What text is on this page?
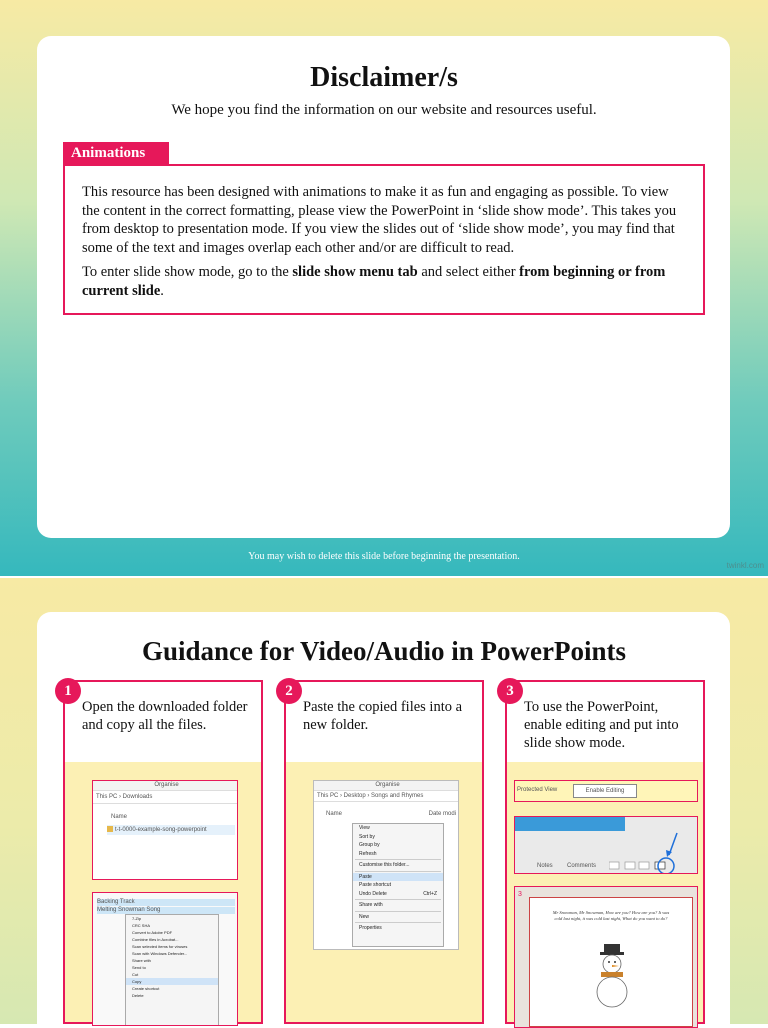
Disclaimer/s
We hope you find the information on our website and resources useful.
Animations

This resource has been designed with animations to make it as fun and engaging as possible. To view the content in the correct formatting, please view the PowerPoint in ‘slide show mode’. This takes you from desktop to presentation mode. If you view the slides out of ‘slide show mode’, you may find that some of the text and images overlap each other and/or are difficult to read.

To enter slide show mode, go to the slide show menu tab and select either from beginning or from current slide.

You may wish to delete this slide before beginning the presentation.
twinkl.com
Guidance for Video/Audio in PowerPoints
1
Open the downloaded folder and copy all the files.
Organise
This PC › Downloads
Name
t-t-0000-example-song-powerpoint
Backing Track
Melting Snowman Song
7-Zip
CRC SHA
Convert to Adobe PDF
Combine files in Acrobat...
Scan selected items for viruses
Scan with Windows Defender...
Share with
Send to
Cut
Copy
Create shortcut
Delete
2
Paste the copied files into a new folder.
Organise
This PC › Desktop › Songs and Rhymes
Name	Date modi
View
Sort by
Group by
Refresh
Customise this folder...
Paste
Paste shortcut
Undo Delete	Ctrl+Z
Share with
New
Properties
3
To use the PowerPoint, enable editing and put into slide show mode.
Protected View	Enable Editing
Notes Comments
3
Mr Snowman, Mr Snowman, How are you? How are you? It was cold last night, it was cold last night, What do you want to do?
